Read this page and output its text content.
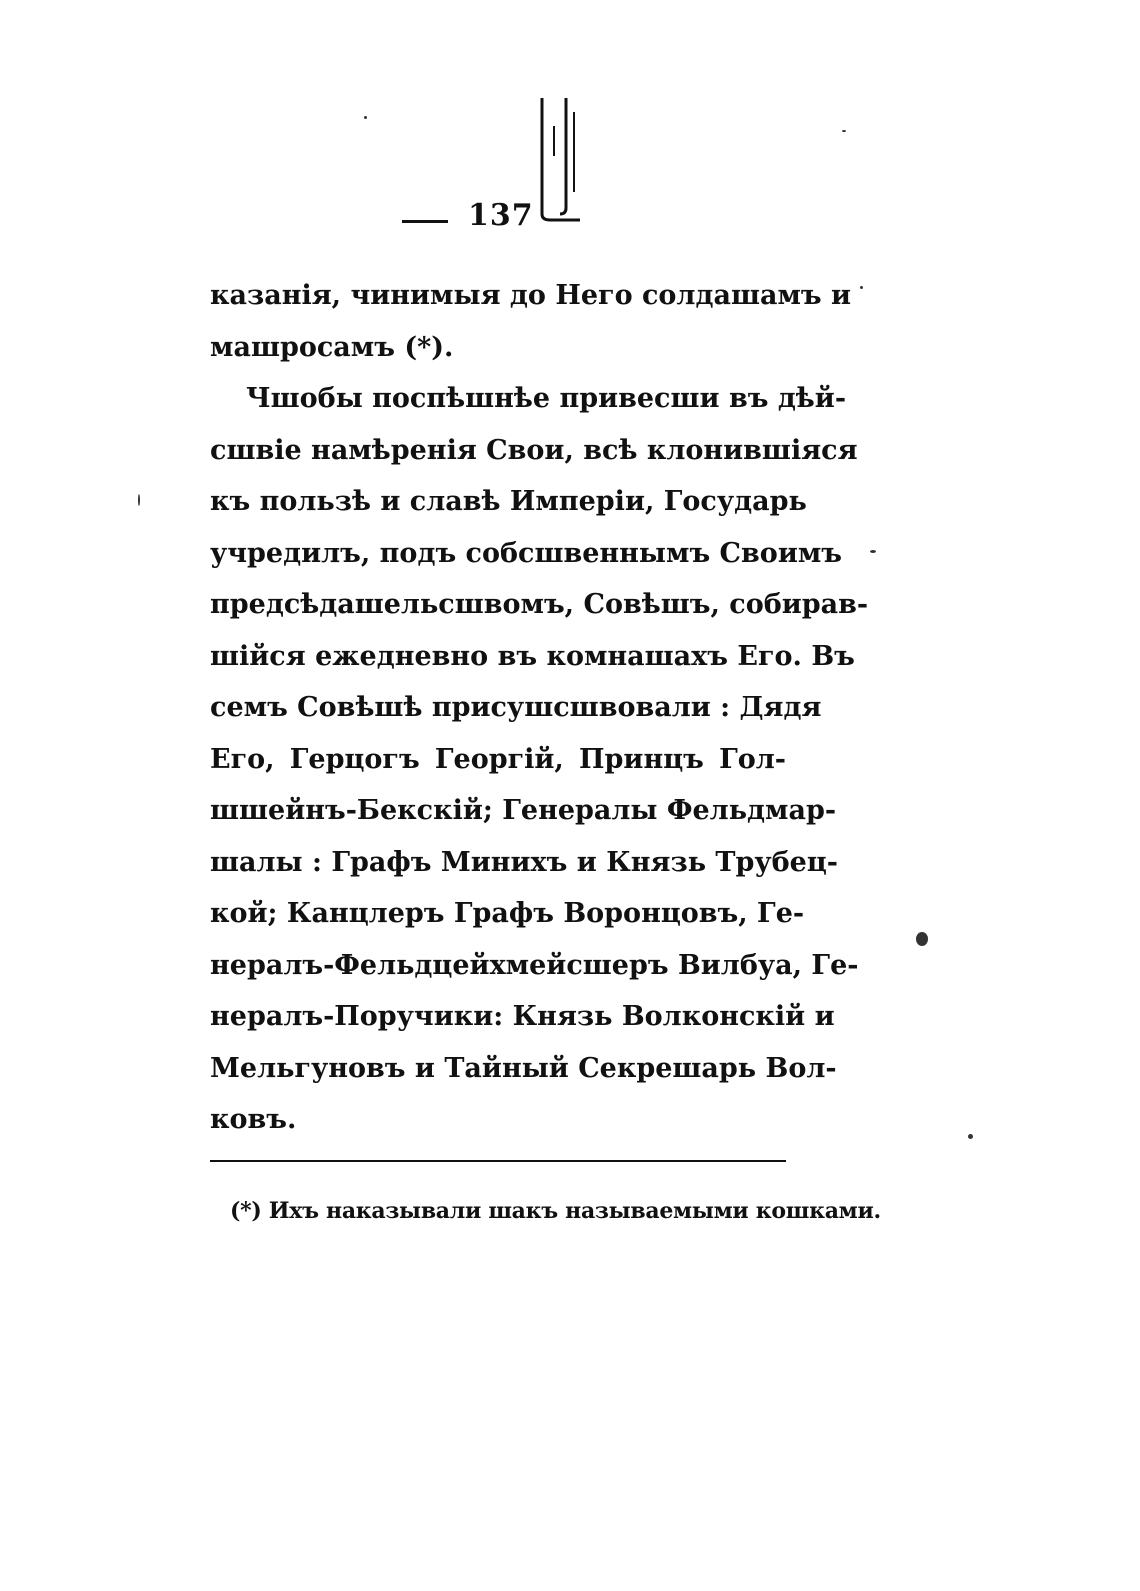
137
казанія, чинимыя до Него солдашамъ и
машросамъ (*).
Чшобы поспѣшнѣе привесши въ дѣй-
сшвіе намѣренія Свои, всѣ клонившіяся
къ пользѣ и славѣ Имперіи, Государь
учредилъ, подъ собсшвеннымъ Своимъ
предсѣдашельсшвомъ, Совѣшъ, собирав-
шійся ежедневно въ комнашахъ Его. Въ
семъ Совѣшѣ присушсшвовали : Дядя
Его, Герцогъ Георгій, Принцъ Гол-
шшейнъ-Бекскій; Генералы Фельдмар-
шалы : Графъ Минихъ и Князь Трубец-
кой; Канцлеръ Графъ Воронцовъ, Ге-
нералъ-Фельдцейхмейсшеръ Вилбуа, Ге-
нералъ-Поручики: Князь Волконскій и
Мельгуновъ и Тайный Секрешарь Вол-
ковъ.
(*) Ихъ наказывали шакъ называемыми кошками.
